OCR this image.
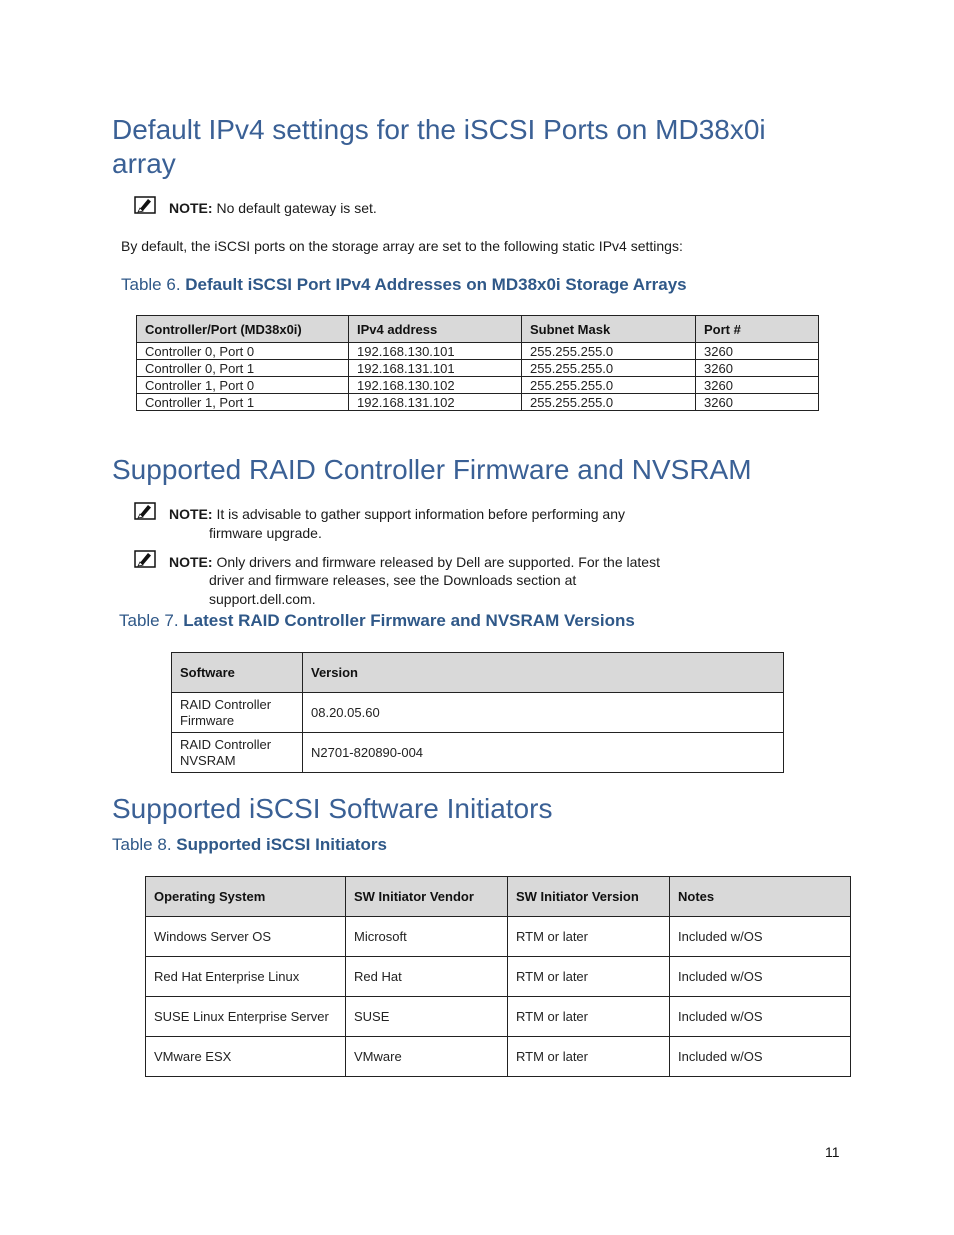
Default IPv4 settings for the iSCSI Ports on MD38x0i array
NOTE: No default gateway is set.
By default, the iSCSI ports on the storage array are set to the following static IPv4 settings:
Table 6. Default iSCSI Port IPv4 Addresses on MD38x0i Storage Arrays
Controller/Port (MD38x0i)	IPv4 address	Subnet Mask	Port #
Controller 0, Port 0	192.168.130.101	255.255.255.0	3260
Controller 0, Port 1	192.168.131.101	255.255.255.0	3260
Controller 1, Port 0	192.168.130.102	255.255.255.0	3260
Controller 1, Port 1	192.168.131.102	255.255.255.0	3260
Supported RAID Controller Firmware and NVSRAM
NOTE: It is advisable to gather support information before performing any
firmware upgrade.
NOTE: Only drivers and firmware released by Dell are supported. For the latest
driver and firmware releases, see the Downloads section at
support.dell.com.
Table 7. Latest RAID Controller Firmware and NVSRAM Versions
Software	Version
RAID Controller
Firmware	08.20.05.60
RAID Controller
NVSRAM	N2701-820890-004
Supported iSCSI Software Initiators
Table 8. Supported iSCSI Initiators
Operating System	SW Initiator Vendor	SW Initiator Version	Notes
Windows Server OS	Microsoft	RTM or later	Included w/OS
Red Hat Enterprise Linux	Red Hat	RTM or later	Included w/OS
SUSE Linux Enterprise Server	SUSE	RTM or later	Included w/OS
VMware ESX	VMware	RTM or later	Included w/OS
11
